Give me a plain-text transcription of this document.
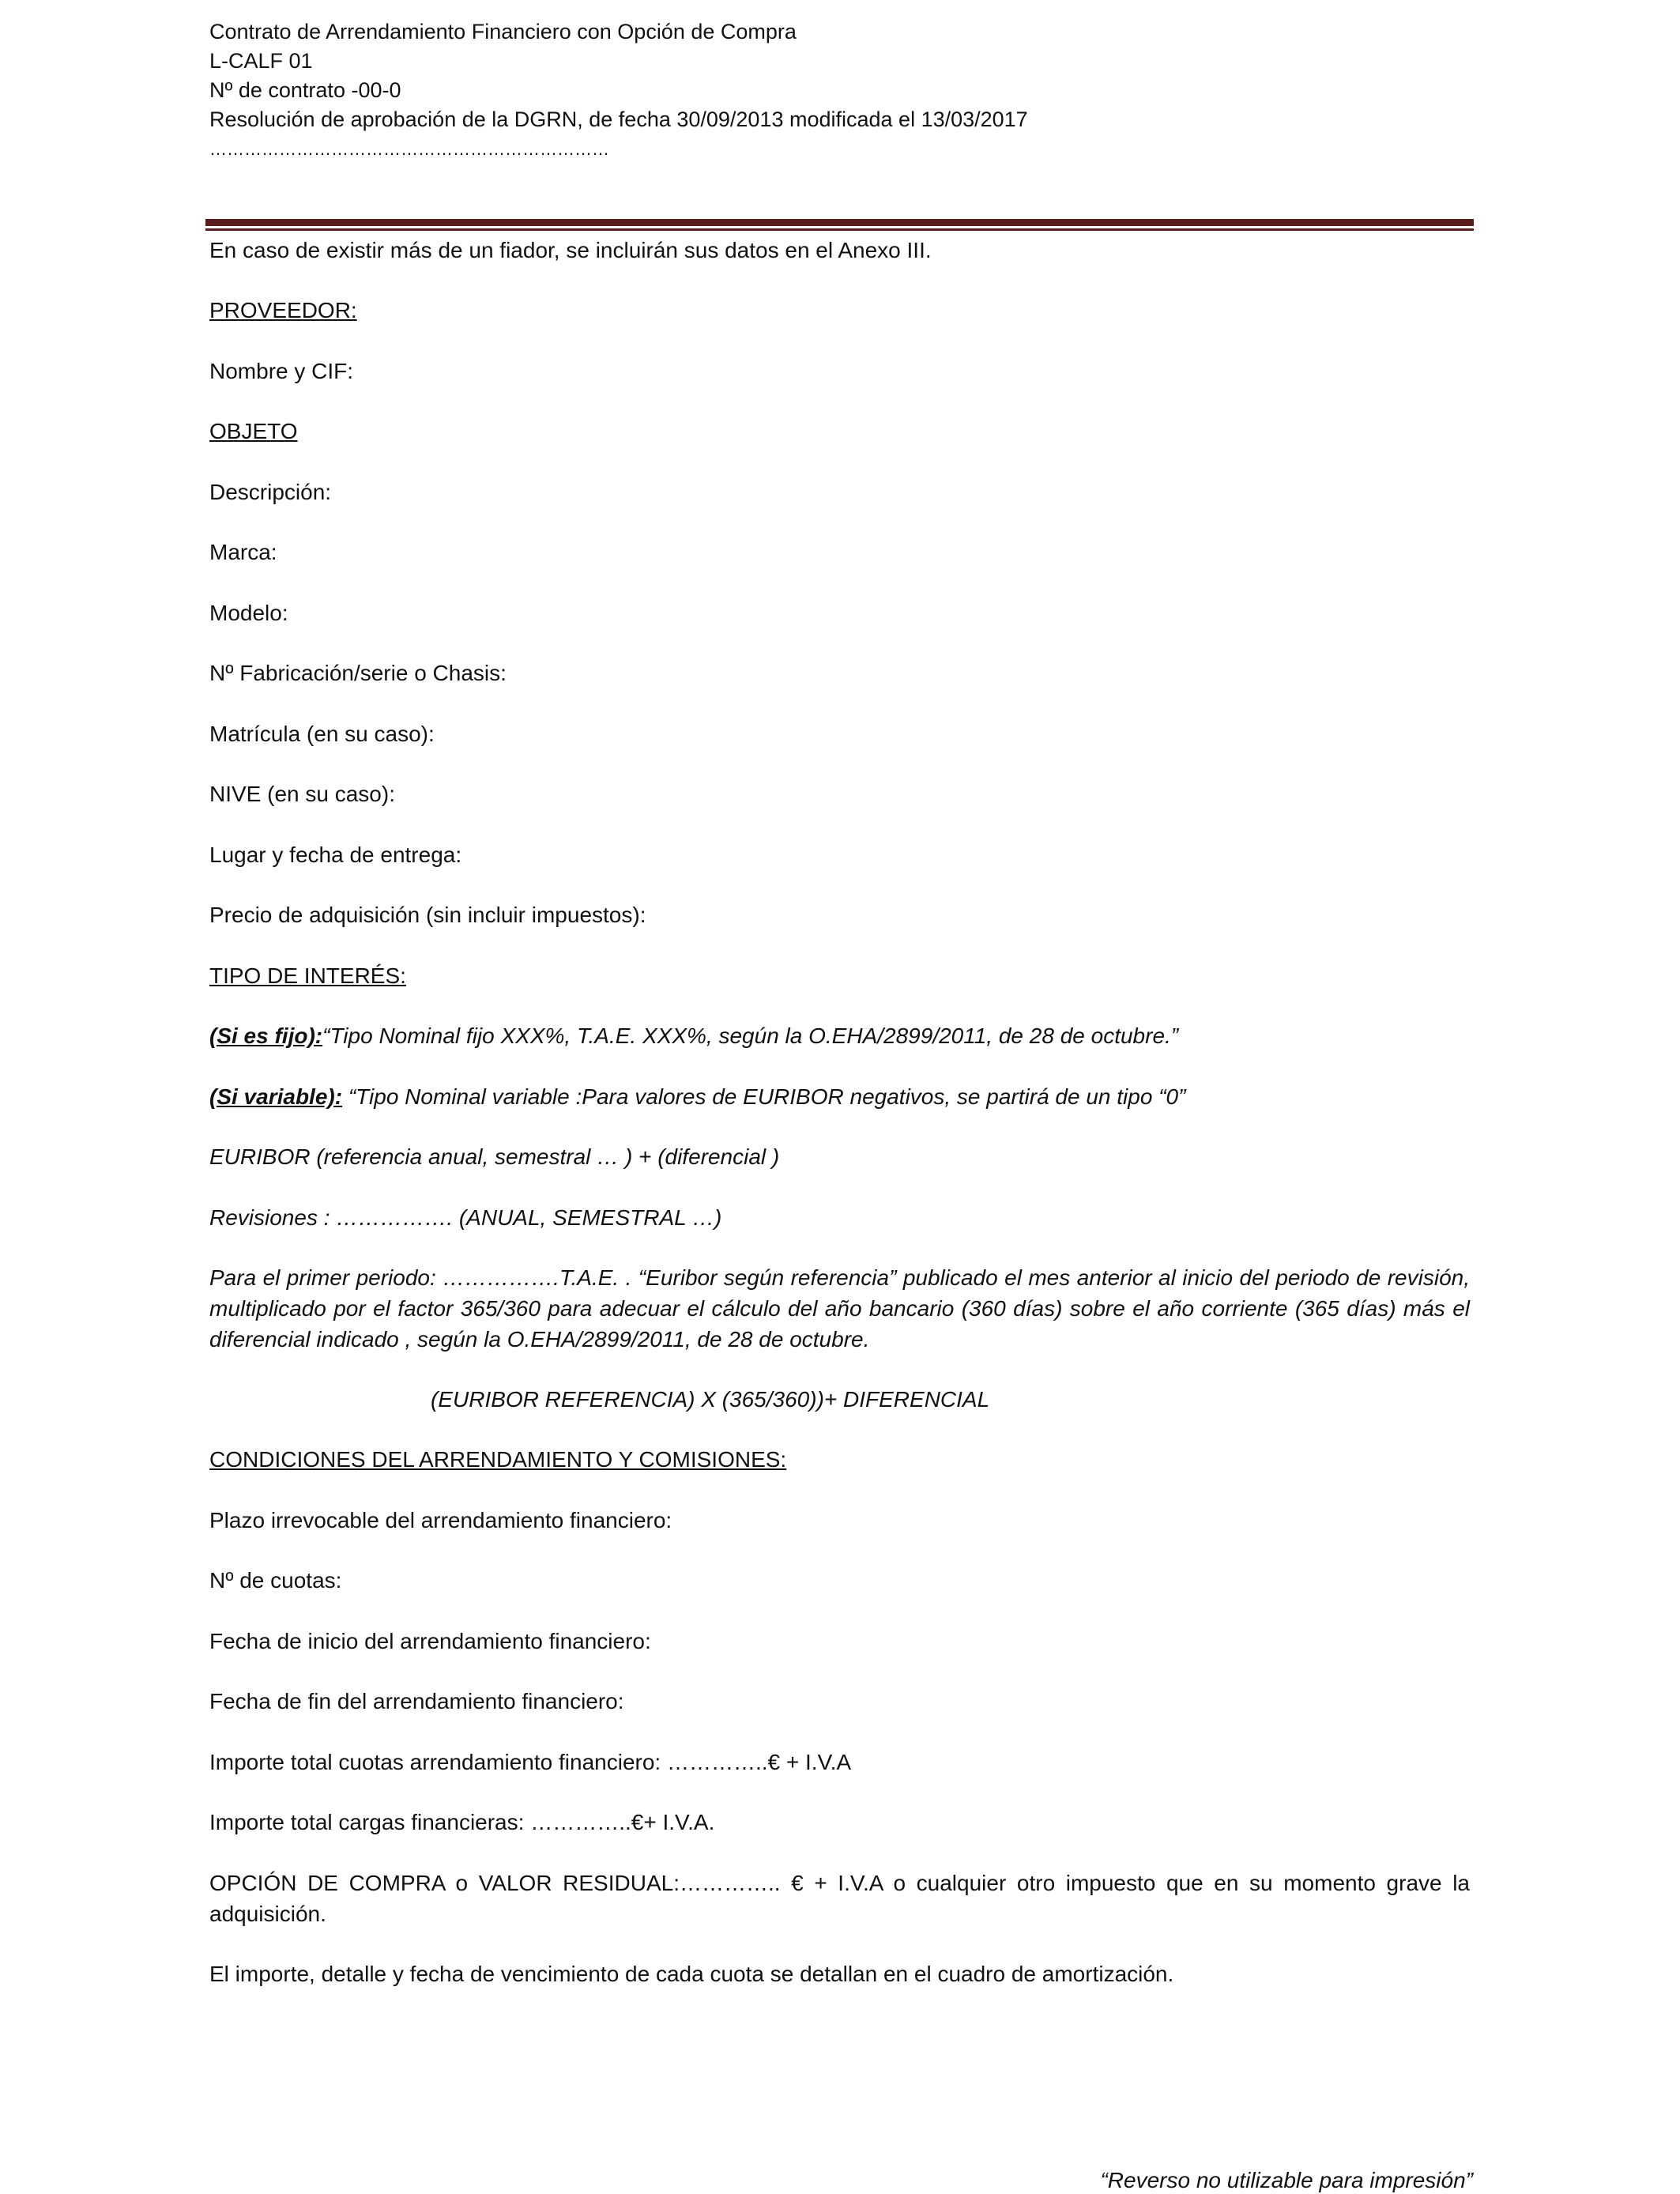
Contrato de Arrendamiento Financiero con Opción de Compra
L-CALF 01
Nº de contrato -00-0
Resolución de aprobación de la DGRN, de fecha 30/09/2013 modificada el 13/03/2017
……………………………………………………………
En caso de existir más de un fiador, se incluirán sus datos en el Anexo III.
PROVEEDOR:
Nombre y CIF:
OBJETO
Descripción:
Marca:
Modelo:
Nº Fabricación/serie o Chasis:
Matrícula (en su caso):
NIVE (en su caso):
Lugar y fecha de entrega:
Precio de adquisición (sin incluir impuestos):
TIPO DE INTERÉS:
(Si es fijo):“Tipo Nominal fijo XXX%, T.A.E. XXX%, según la O.EHA/2899/2011, de 28 de octubre.”
(Si variable): “Tipo Nominal variable :Para valores de EURIBOR negativos, se partirá de un tipo “0”
EURIBOR (referencia anual, semestral … ) + (diferencial )
Revisiones : ……………. (ANUAL, SEMESTRAL …)
Para el primer periodo: …………….T.A.E. . “Euribor según referencia” publicado el mes anterior al inicio del periodo de revisión, multiplicado por el factor 365/360 para adecuar el cálculo del año bancario (360 días) sobre el año corriente (365 días) más el diferencial indicado , según la O.EHA/2899/2011, de 28 de octubre.
(EURIBOR REFERENCIA) X (365/360))+ DIFERENCIAL
CONDICIONES DEL ARRENDAMIENTO Y COMISIONES:
Plazo irrevocable del arrendamiento financiero:
Nº de cuotas:
Fecha de inicio del arrendamiento financiero:
Fecha de fin del arrendamiento financiero:
Importe total cuotas arrendamiento financiero: …………..€ + I.V.A
Importe total cargas financieras: …………..€+ I.V.A.
OPCIÓN DE COMPRA o VALOR RESIDUAL:………….. € + I.V.A o cualquier otro impuesto que en su momento grave la adquisición.
El importe, detalle y fecha de vencimiento de cada cuota se detallan en el cuadro de amortización.
“Reverso no utilizable para impresión”
